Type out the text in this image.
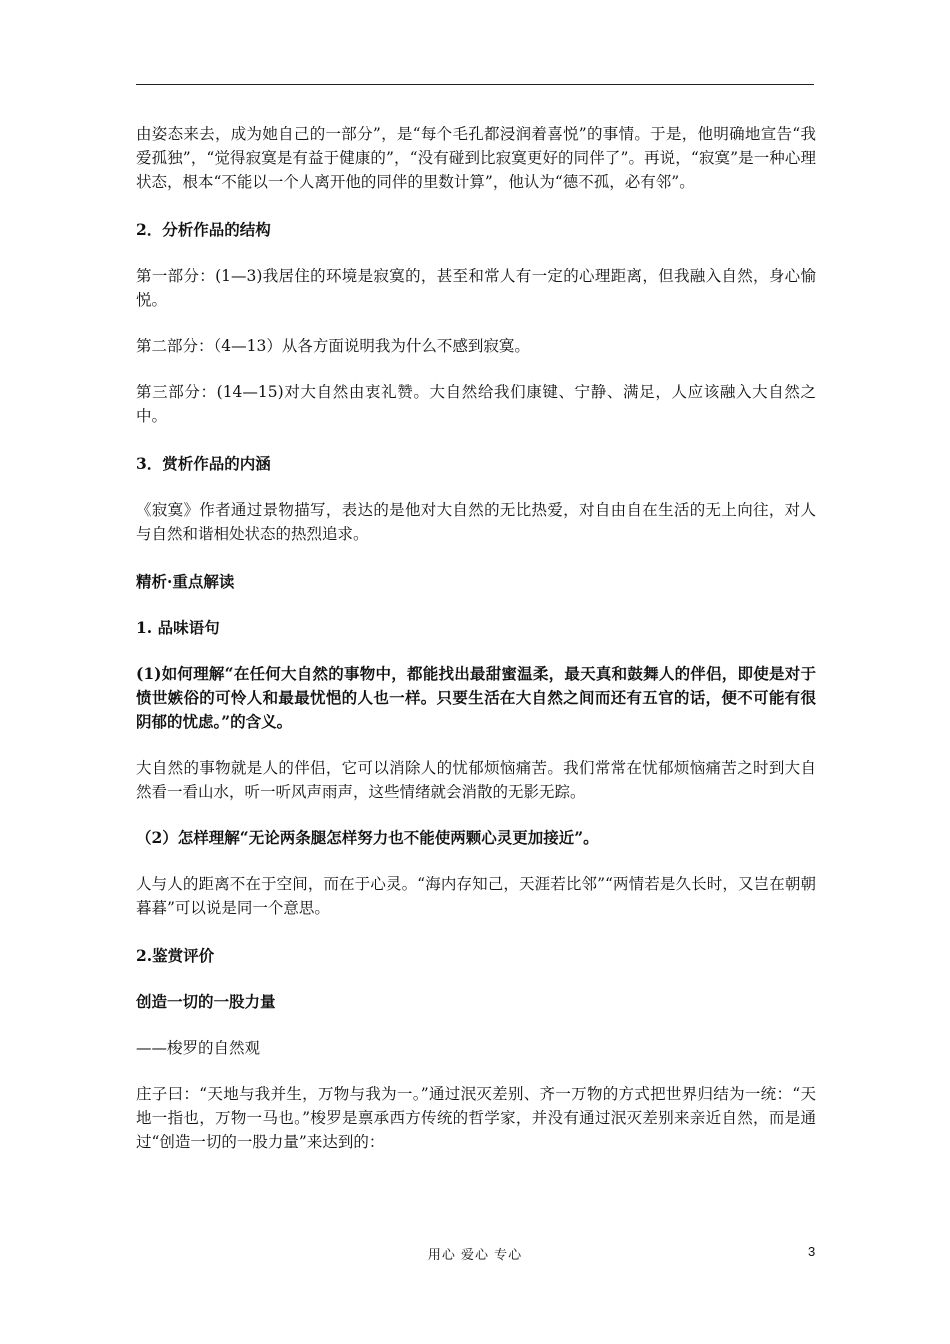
由姿态来去，成为她自己的一部分”，是“每个毛孔都浸润着喜悦”的事情。于是，他明确地宣告“我爱孤独”，“觉得寂寞是有益于健康的”，“没有碰到比寂寞更好的同伴了”。再说，“寂寞”是一种心理状态，根本“不能以一个人离开他的同伴的里数计算”，他认为“德不孤，必有邻”。

2．分析作品的结构

第一部分：(1—3)我居住的环境是寂寞的，甚至和常人有一定的心理距离，但我融入自然，身心愉悦。

第二部分：（4—13）从各方面说明我为什么不感到寂寞。

第三部分：(14—15)对大自然由衷礼赞。大自然给我们康键、宁静、满足，人应该融入大自然之中。

3．赏析作品的内涵

《寂寞》作者通过景物描写，表达的是他对大自然的无比热爱，对自由自在生活的无上向往，对人与自然和谐相处状态的热烈追求。

精析·重点解读

1. 品味语句

(1)如何理解“在任何大自然的事物中，都能找出最甜蜜温柔，最天真和鼓舞人的伴侣，即使是对于愤世嫉俗的可怜人和最最忧悒的人也一样。只要生活在大自然之间而还有五官的话，便不可能有很阴郁的忧虑。”的含义。

大自然的事物就是人的伴侣，它可以消除人的忧郁烦恼痛苦。我们常常在忧郁烦恼痛苦之时到大自然看一看山水，听一听风声雨声，这些情绪就会消散的无影无踪。

（2）怎样理解“无论两条腿怎样努力也不能使两颗心灵更加接近”。

人与人的距离不在于空间，而在于心灵。“海内存知己，天涯若比邻”“两情若是久长时，又岂在朝朝暮暮”可以说是同一个意思。

2.鉴赏评价

创造一切的一股力量

——梭罗的自然观

庄子曰：“天地与我并生，万物与我为一。”通过泯灭差别、齐一万物的方式把世界归结为一统：“天地一指也，万物一马也。”梭罗是禀承西方传统的哲学家，并没有通过泯灭差别来亲近自然，而是通过“创造一切的一股力量”来达到的：

用心 爱心 专心	3
